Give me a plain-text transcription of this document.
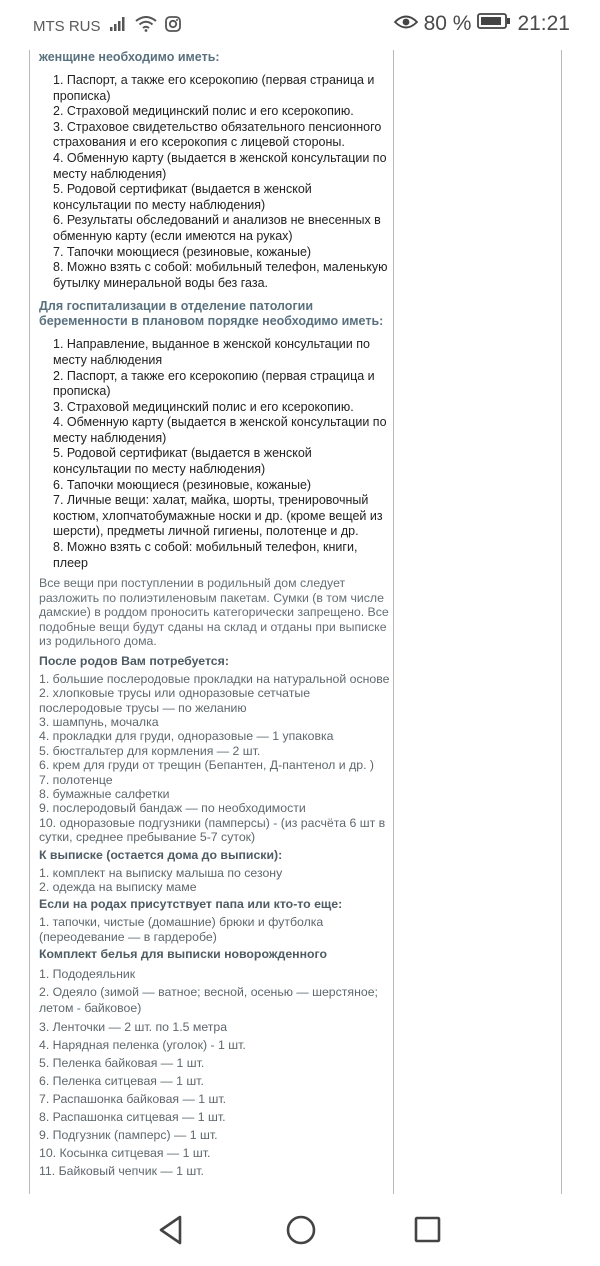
MTS RUS	80 % 21:21
женщине необходимо иметь:
1. Паспорт, а также его ксерокопию (первая страница и прописка)
2. Страховой медицинский полис и его ксерокопию.
3. Страховое свидетельство обязательного пенсионного страхования и его ксерокопия с лицевой стороны.
4. Обменную карту (выдается в женской консультации по месту наблюдения)
5. Родовой сертификат (выдается в женской консультации по месту наблюдения)
6. Результаты обследований и анализов не внесенных в обменную карту (если имеются на руках)
7. Тапочки моющиеся (резиновые, кожаные)
8. Можно взять с собой: мобильный телефон, маленькую бутылку минеральной воды без газа.
Для госпитализации в отделение патологии беременности в плановом порядке необходимо иметь:
1. Направление, выданное в женской консультации по месту наблюдения
2. Паспорт, а также его ксерокопию (первая страцица и прописка)
3. Страховой медицинский полис и его ксерокопию.
4. Обменную карту (выдается в женской консультации по месту наблюдения)
5. Родовой сертификат (выдается в женской консультации по месту наблюдения)
6. Тапочки моющиеся (резиновые, кожаные)
7. Личные вещи: халат, майка, шорты, тренировочный костюм, хлопчатобумажные носки и др. (кроме вещей из шерсти), предметы личной гигиены, полотенце и др.
8. Можно взять с собой: мобильный телефон, книги, плеер
Все вещи при поступлении в родильный дом следует разложить по полиэтиленовым пакетам. Сумки (в том числе дамские) в роддом проносить категорически запрещено. Все подобные вещи будут сданы на склад и отданы при выписке из родильного дома.
После родов Вам потребуется:
1. большие послеродовые прокладки на натуральной основе
2. хлопковые трусы или одноразовые сетчатые послеродовые трусы — по желанию
3. шампунь, мочалка
4. прокладки для груди, одноразовые — 1 упаковка
5. бюстгальтер для кормления — 2 шт.
6. крем для груди от трещин (Бепантен, Д-пантенол и др. )
7. полотенце
8. бумажные салфетки
9. послеродовый бандаж — по необходимости
10. одноразовые подгузники (памперсы) - (из расчёта 6 шт в сутки, среднее пребывание 5-7 суток)
К выписке (остается дома до выписки):
1. комплект на выписку малыша по сезону
2. одежда на выписку маме
Если на родах присутствует папа или кто-то еще:
1. тапочки, чистые (домашние) брюки и футболка (переодевание — в гардеробе)
Комплект белья для выписки новорожденного
1. Пододеяльник
2. Одеяло (зимой — ватное; весной, осенью — шерстяное; летом - байковое)
3. Ленточки — 2 шт. по 1.5 метра
4. Нарядная пеленка (уголок) - 1 шт.
5. Пеленка байковая — 1 шт.
6. Пеленка ситцевая — 1 шт.
7. Распашонка байковая — 1 шт.
8. Распашонка ситцевая — 1 шт.
9. Подгузник (памперс) — 1 шт.
10. Косынка ситцевая — 1 шт.
11. Байковый чепчик — 1 шт.
